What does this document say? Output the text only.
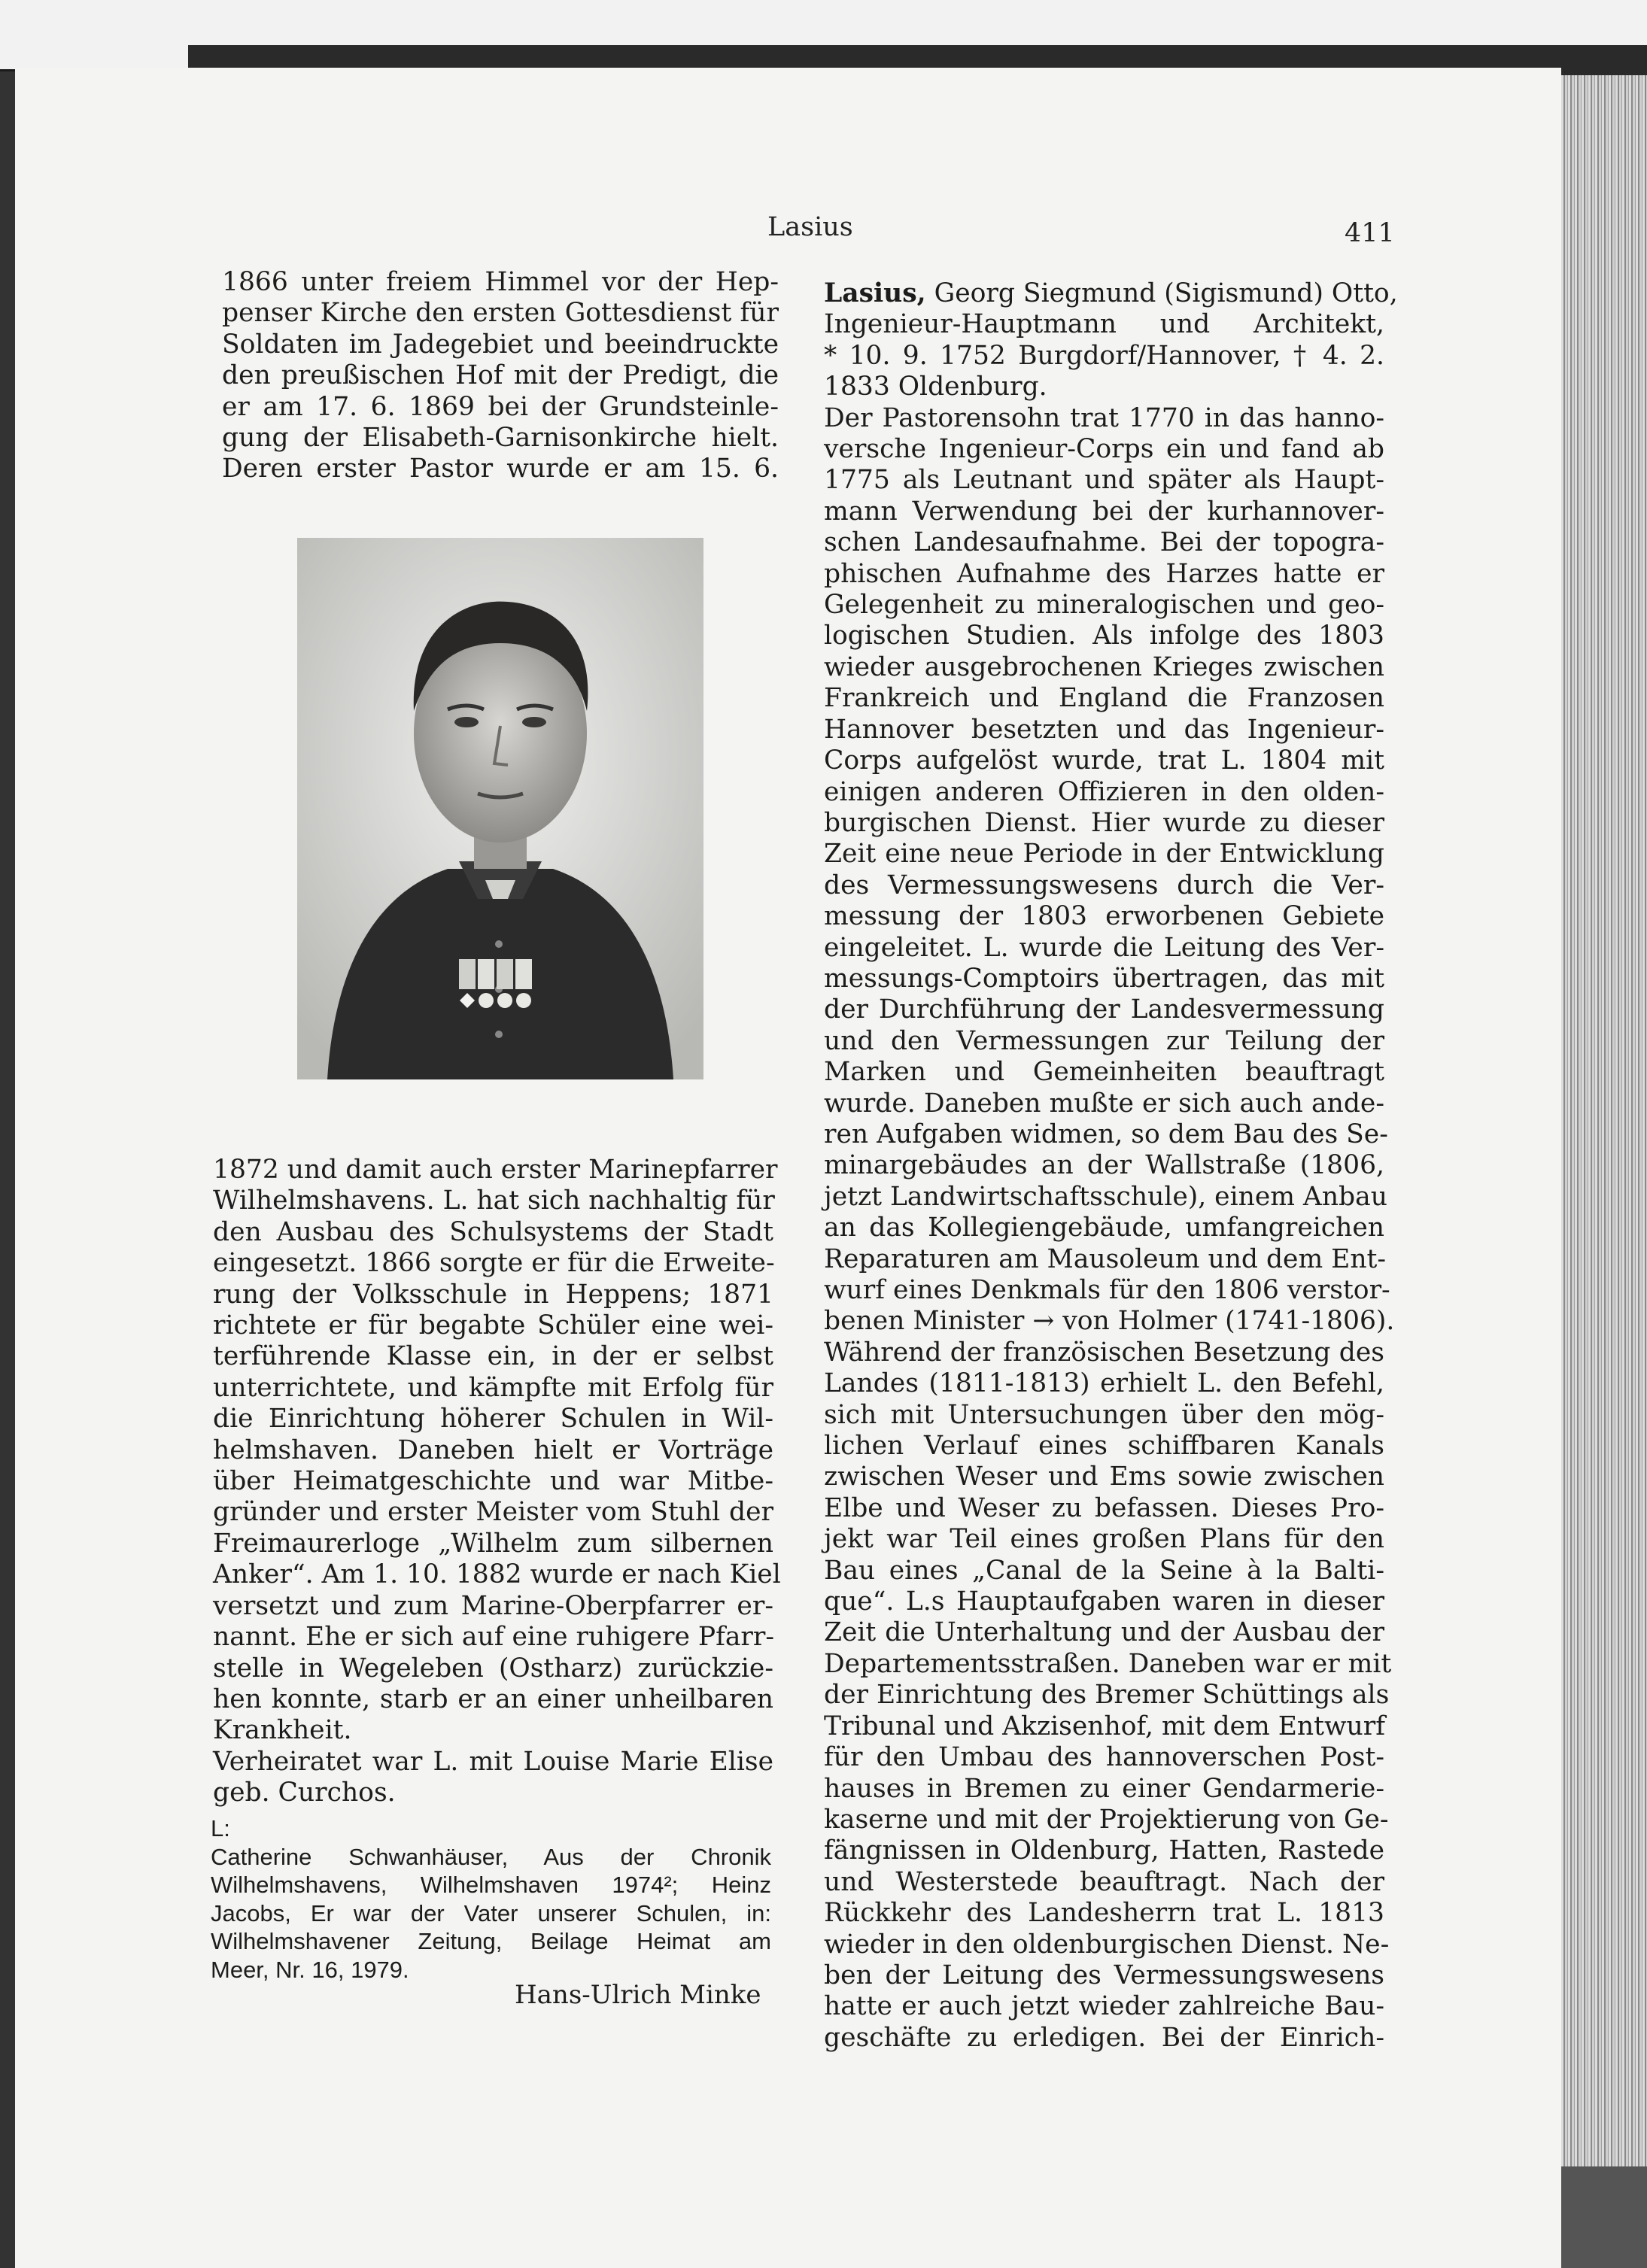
Lasius	411
1866 unter freiem Himmel vor der Hep-
penser Kirche den ersten Gottesdienst für
Soldaten im Jadegebiet und beeindruckte
den preußischen Hof mit der Predigt, die
er am 17. 6. 1869 bei der Grundsteinle-
gung der Elisabeth-Garnisonkirche hielt.
Deren erster Pastor wurde er am 15. 6.
1872 und damit auch erster Marinepfarrer
Wilhelmshavens. L. hat sich nachhaltig für
den Ausbau des Schulsystems der Stadt
eingesetzt. 1866 sorgte er für die Erweite-
rung der Volksschule in Heppens; 1871
richtete er für begabte Schüler eine wei-
terführende Klasse ein, in der er selbst
unterrichtete, und kämpfte mit Erfolg für
die Einrichtung höherer Schulen in Wil-
helmshaven. Daneben hielt er Vorträge
über Heimatgeschichte und war Mitbe-
gründer und erster Meister vom Stuhl der
Freimaurerloge „Wilhelm zum silbernen
Anker“. Am 1. 10. 1882 wurde er nach Kiel
versetzt und zum Marine-Oberpfarrer er-
nannt. Ehe er sich auf eine ruhigere Pfarr-
stelle in Wegeleben (Ostharz) zurückzie-
hen konnte, starb er an einer unheilbaren
Krankheit.
Verheiratet war L. mit Louise Marie Elise
geb. Curchos.
L:
Catherine Schwanhäuser, Aus der Chronik
Wilhelmshavens, Wilhelmshaven 1974²; Heinz
Jacobs, Er war der Vater unserer Schulen, in:
Wilhelmshavener Zeitung, Beilage Heimat am
Meer, Nr. 16, 1979.
Hans-Ulrich Minke
Lasius, Georg Siegmund (Sigismund) Otto,
Ingenieur-Hauptmann und Architekt,
* 10. 9. 1752 Burgdorf/Hannover, † 4. 2.
1833 Oldenburg.
Der Pastorensohn trat 1770 in das hanno-
versche Ingenieur-Corps ein und fand ab
1775 als Leutnant und später als Haupt-
mann Verwendung bei der kurhannover-
schen Landesaufnahme. Bei der topogra-
phischen Aufnahme des Harzes hatte er
Gelegenheit zu mineralogischen und geo-
logischen Studien. Als infolge des 1803
wieder ausgebrochenen Krieges zwischen
Frankreich und England die Franzosen
Hannover besetzten und das Ingenieur-
Corps aufgelöst wurde, trat L. 1804 mit
einigen anderen Offizieren in den olden-
burgischen Dienst. Hier wurde zu dieser
Zeit eine neue Periode in der Entwicklung
des Vermessungswesens durch die Ver-
messung der 1803 erworbenen Gebiete
eingeleitet. L. wurde die Leitung des Ver-
messungs-Comptoirs übertragen, das mit
der Durchführung der Landesvermessung
und den Vermessungen zur Teilung der
Marken und Gemeinheiten beauftragt
wurde. Daneben mußte er sich auch ande-
ren Aufgaben widmen, so dem Bau des Se-
minargebäudes an der Wallstraße (1806,
jetzt Landwirtschaftsschule), einem Anbau
an das Kollegiengebäude, umfangreichen
Reparaturen am Mausoleum und dem Ent-
wurf eines Denkmals für den 1806 verstor-
benen Minister → von Holmer (1741-1806).
Während der französischen Besetzung des
Landes (1811-1813) erhielt L. den Befehl,
sich mit Untersuchungen über den mög-
lichen Verlauf eines schiffbaren Kanals
zwischen Weser und Ems sowie zwischen
Elbe und Weser zu befassen. Dieses Pro-
jekt war Teil eines großen Plans für den
Bau eines „Canal de la Seine à la Balti-
que“. L.s Hauptaufgaben waren in dieser
Zeit die Unterhaltung und der Ausbau der
Departementsstraßen. Daneben war er mit
der Einrichtung des Bremer Schüttings als
Tribunal und Akzisenhof, mit dem Entwurf
für den Umbau des hannoverschen Post-
hauses in Bremen zu einer Gendarmerie-
kaserne und mit der Projektierung von Ge-
fängnissen in Oldenburg, Hatten, Rastede
und Westerstede beauftragt. Nach der
Rückkehr des Landesherrn trat L. 1813
wieder in den oldenburgischen Dienst. Ne-
ben der Leitung des Vermessungswesens
hatte er auch jetzt wieder zahlreiche Bau-
geschäfte zu erledigen. Bei der Einrich-
